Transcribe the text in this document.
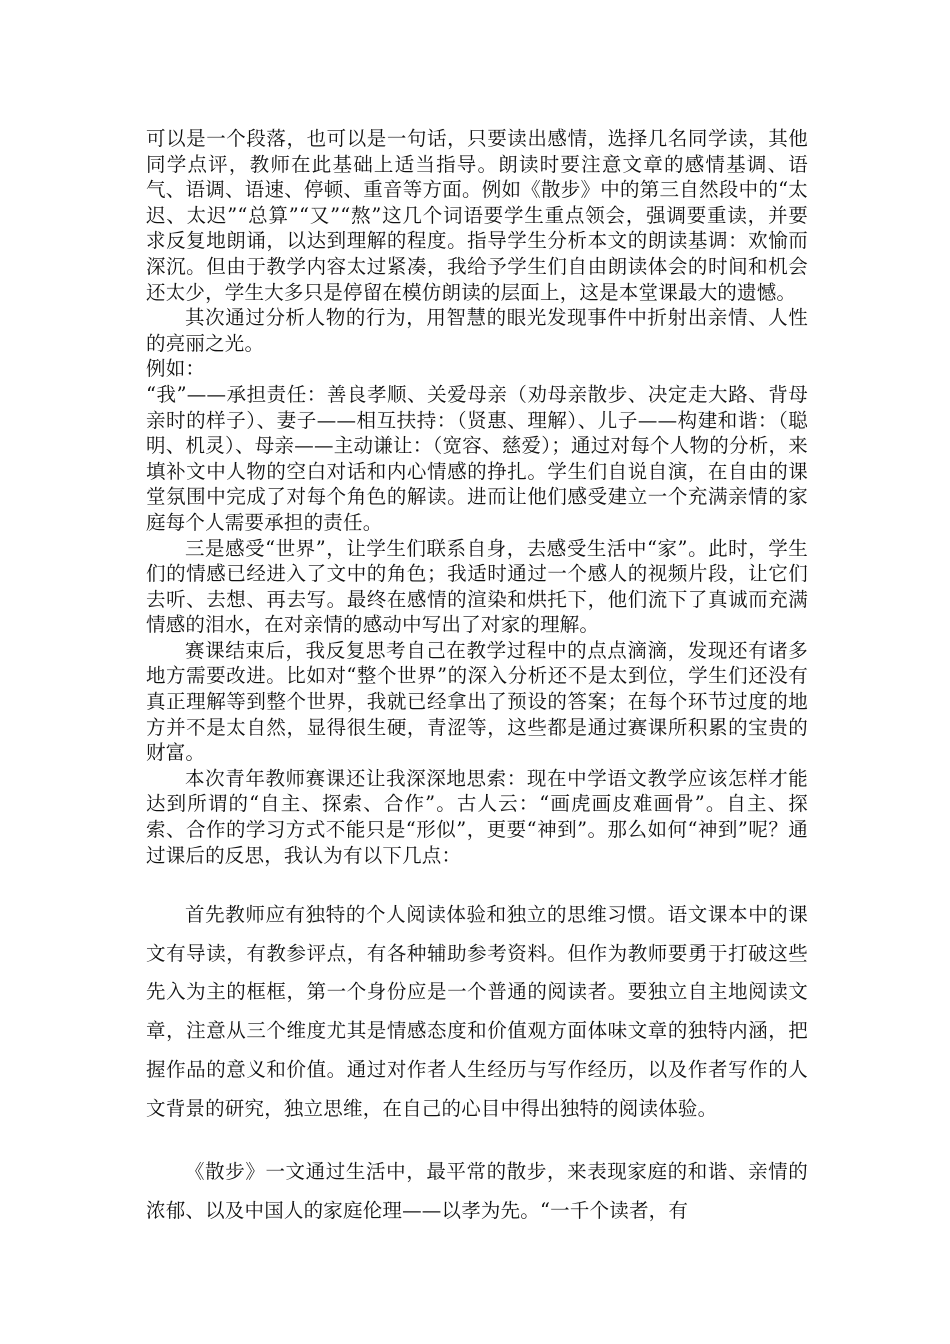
可以是一个段落，也可以是一句话，只要读出感情，选择几名同学读，其他同学点评，教师在此基础上适当指导。朗读时要注意文章的感情基调、语气、语调、语速、停顿、重音等方面。例如《散步》中的第三自然段中的“太迟、太迟”“总算”“又”“熬”这几个词语要学生重点领会，强调要重读，并要求反复地朗诵，以达到理解的程度。指导学生分析本文的朗读基调：欢愉而深沉。但由于教学内容太过紧凑，我给予学生们自由朗读体会的时间和机会还太少，学生大多只是停留在模仿朗读的层面上，这是本堂课最大的遗憾。

其次通过分析人物的行为，用智慧的眼光发现事件中折射出亲情、人性的亮丽之光。

例如：

“我”——承担责任：善良孝顺、关爱母亲（劝母亲散步、决定走大路、背母亲时的样子）、妻子——相互扶持：（贤惠、理解）、儿子——构建和谐：（聪明、机灵）、母亲——主动谦让：（宽容、慈爱）；通过对每个人物的分析，来填补文中人物的空白对话和内心情感的挣扎。学生们自说自演，在自由的课堂氛围中完成了对每个角色的解读。进而让他们感受建立一个充满亲情的家庭每个人需要承担的责任。

三是感受“世界”，让学生们联系自身，去感受生活中“家”。此时，学生们的情感已经进入了文中的角色；我适时通过一个感人的视频片段，让它们去听、去想、再去写。最终在感情的渲染和烘托下，他们流下了真诚而充满情感的泪水，在对亲情的感动中写出了对家的理解。

赛课结束后，我反复思考自己在教学过程中的点点滴滴，发现还有诸多地方需要改进。比如对“整个世界”的深入分析还不是太到位，学生们还没有真正理解等到整个世界，我就已经拿出了预设的答案；在每个环节过度的地方并不是太自然，显得很生硬，青涩等，这些都是通过赛课所积累的宝贵的财富。

本次青年教师赛课还让我深深地思索：现在中学语文教学应该怎样才能达到所谓的“自主、探索、合作”。古人云：“画虎画皮难画骨”。自主、探索、合作的学习方式不能只是“形似”，更要“神到”。那么如何“神到”呢？通过课后的反思，我认为有以下几点：

首先教师应有独特的个人阅读体验和独立的思维习惯。语文课本中的课文有导读，有教参评点，有各种辅助参考资料。但作为教师要勇于打破这些先入为主的框框，第一个身份应是一个普通的阅读者。要独立自主地阅读文章，注意从三个维度尤其是情感态度和价值观方面体味文章的独特内涵，把握作品的意义和价值。通过对作者人生经历与写作经历，以及作者写作的人文背景的研究，独立思维，在自己的心目中得出独特的阅读体验。

《散步》一文通过生活中，最平常的散步，来表现家庭的和谐、亲情的浓郁、以及中国人的家庭伦理——以孝为先。“一千个读者，有
